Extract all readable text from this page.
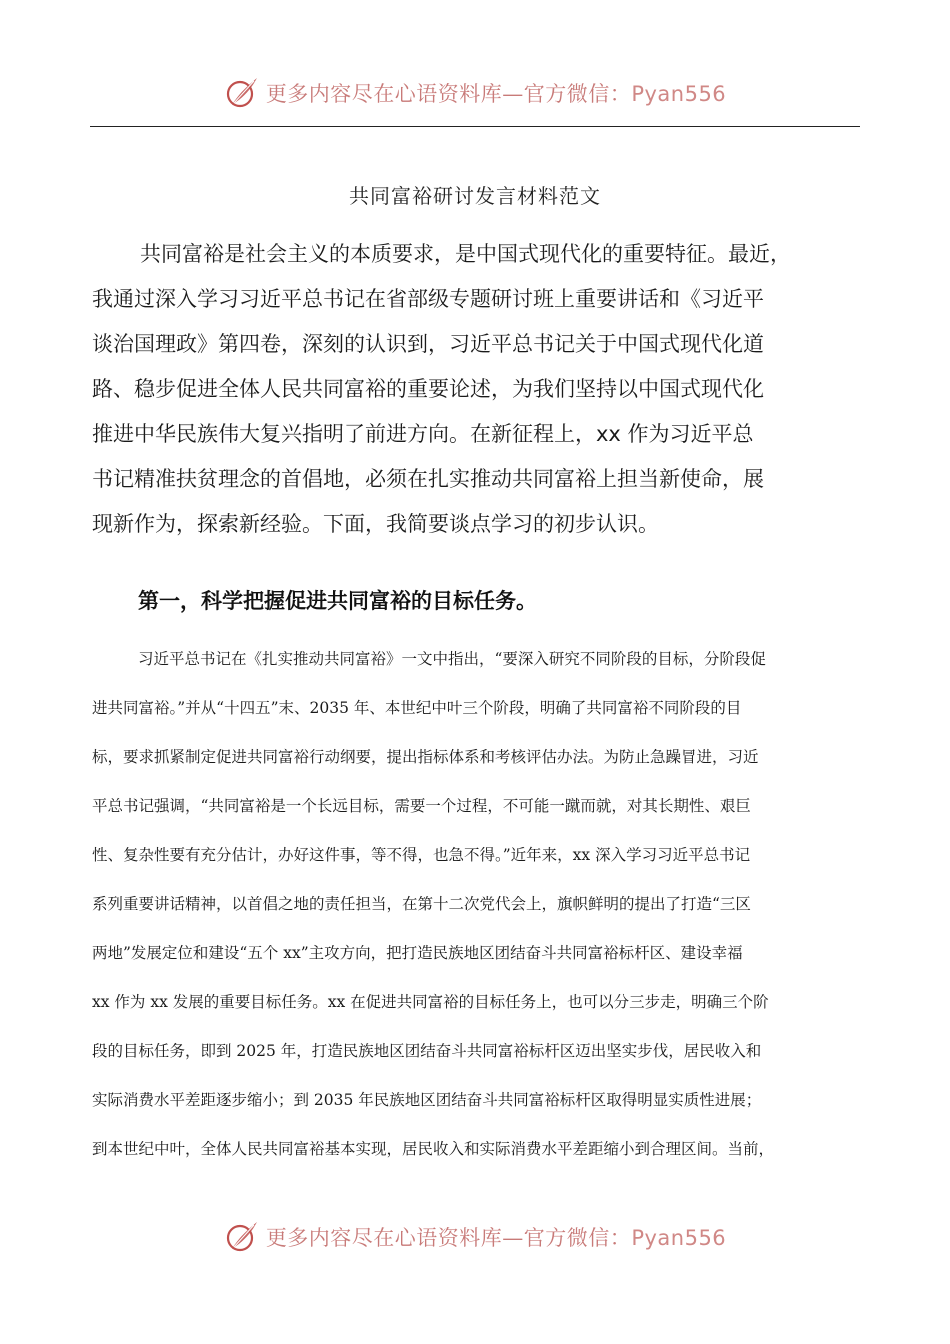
更多内容尽在心语资料库—官方微信：Pyan556
共同富裕研讨发言材料范文
共同富裕是社会主义的本质要求，是中国式现代化的重要特征。最近，
我通过深入学习习近平总书记在省部级专题研讨班上重要讲话和《习近平
谈治国理政》第四卷，深刻的认识到，习近平总书记关于中国式现代化道
路、稳步促进全体人民共同富裕的重要论述，为我们坚持以中国式现代化
推进中华民族伟大复兴指明了前进方向。在新征程上，xx 作为习近平总
书记精准扶贫理念的首倡地，必须在扎实推动共同富裕上担当新使命，展
现新作为，探索新经验。下面，我简要谈点学习的初步认识。
第一，科学把握促进共同富裕的目标任务。
习近平总书记在《扎实推动共同富裕》一文中指出，“要深入研究不同阶段的目标，分阶段促
进共同富裕。”并从“十四五”末、2035 年、本世纪中叶三个阶段，明确了共同富裕不同阶段的目
标，要求抓紧制定促进共同富裕行动纲要，提出指标体系和考核评估办法。为防止急躁冒进，习近
平总书记强调，“共同富裕是一个长远目标，需要一个过程，不可能一蹴而就，对其长期性、艰巨
性、复杂性要有充分估计，办好这件事，等不得，也急不得。”近年来，xx 深入学习习近平总书记
系列重要讲话精神，以首倡之地的责任担当，在第十二次党代会上，旗帜鲜明的提出了打造“三区
两地”发展定位和建设“五个 xx”主攻方向，把打造民族地区团结奋斗共同富裕标杆区、建设幸福
xx 作为 xx 发展的重要目标任务。xx 在促进共同富裕的目标任务上，也可以分三步走，明确三个阶
段的目标任务，即到 2025 年，打造民族地区团结奋斗共同富裕标杆区迈出坚实步伐，居民收入和
实际消费水平差距逐步缩小；到 2035 年民族地区团结奋斗共同富裕标杆区取得明显实质性进展；
到本世纪中叶，全体人民共同富裕基本实现，居民收入和实际消费水平差距缩小到合理区间。当前，
更多内容尽在心语资料库—官方微信：Pyan556
